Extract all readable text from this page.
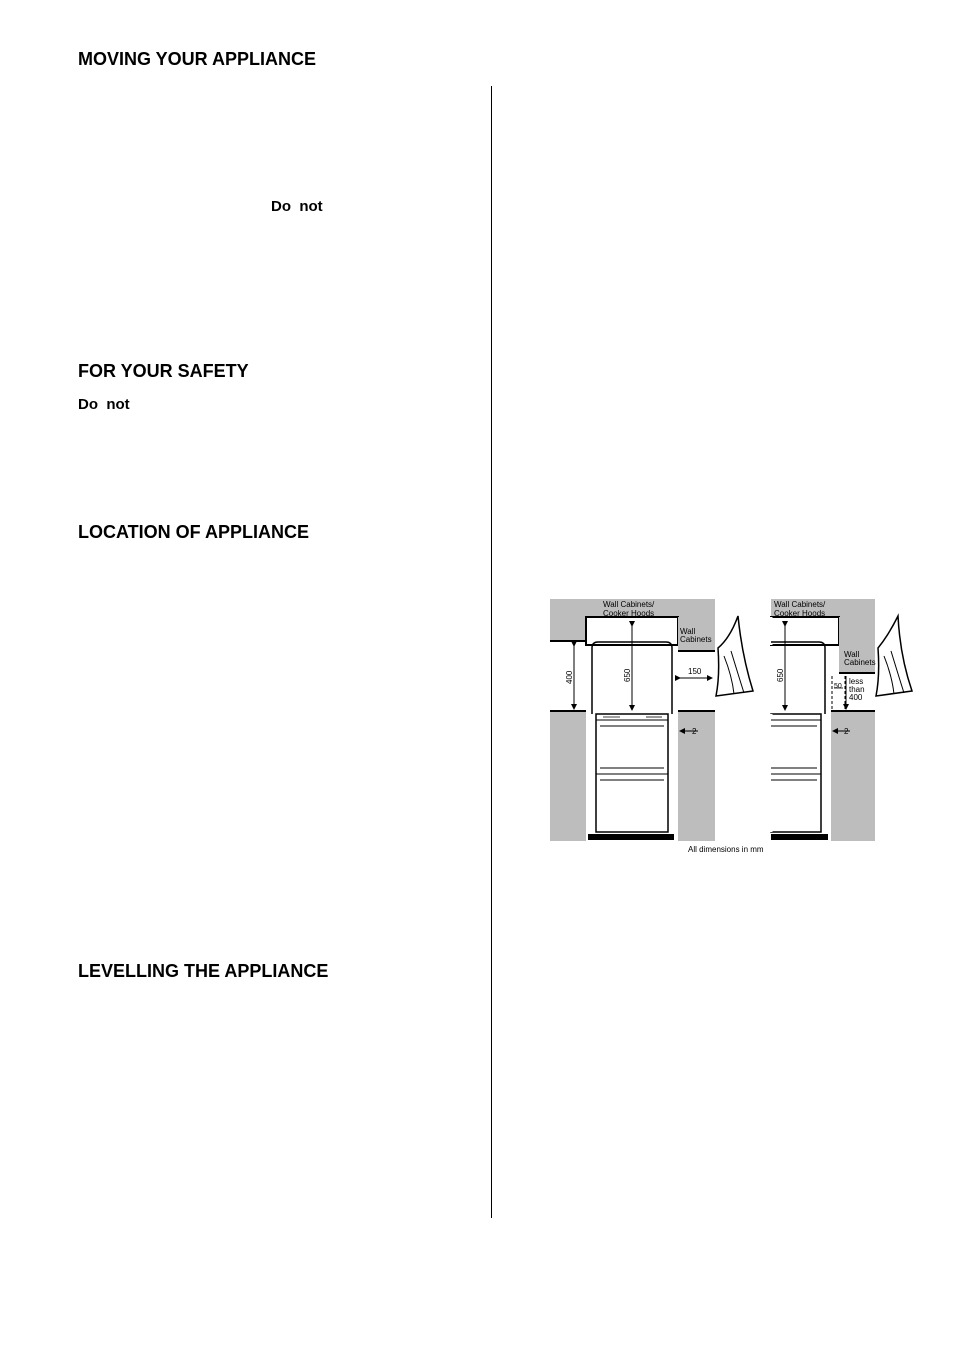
MOVING YOUR APPLIANCE

Do  not

FOR YOUR SAFETY

Do  not

LOCATION OF APPLIANCE
LEVELLING THE APPLIANCE
Wall Cabinets/
Cooker Hoods
Wall
Cabinets
400	650	150
2
Wall Cabinets/
Cooker Hoods
Wall
Cabinets
650
50
less
than
400
2
All dimensions in mm
